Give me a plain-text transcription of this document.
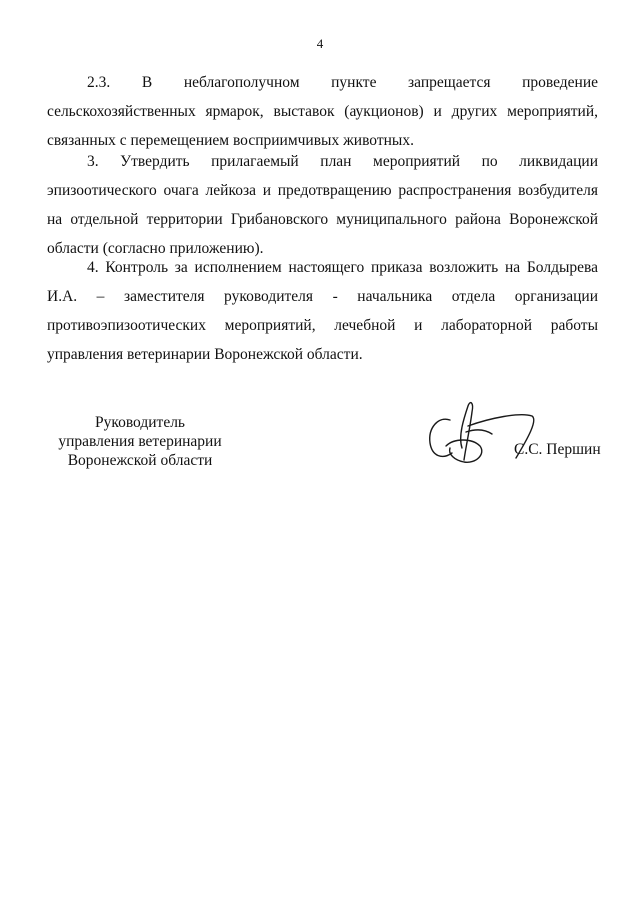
4

2.3. В неблагополучном пункте запрещается проведение сельскохозяйственных ярмарок, выставок (аукционов) и других мероприятий, связанных с перемещением восприимчивых животных.

3. Утвердить прилагаемый план мероприятий по ликвидации эпизоотического очага лейкоза и предотвращению распространения возбудителя на отдельной территории Грибановского муниципального района Воронежской области (согласно приложению).

4. Контроль за исполнением настоящего приказа возложить на Болдырева И.А. – заместителя руководителя - начальника отдела организации противоэпизоотических мероприятий, лечебной и лабораторной работы управления ветеринарии Воронежской области.

Руководитель
управления ветеринарии
Воронежской области
С.С. Першин
